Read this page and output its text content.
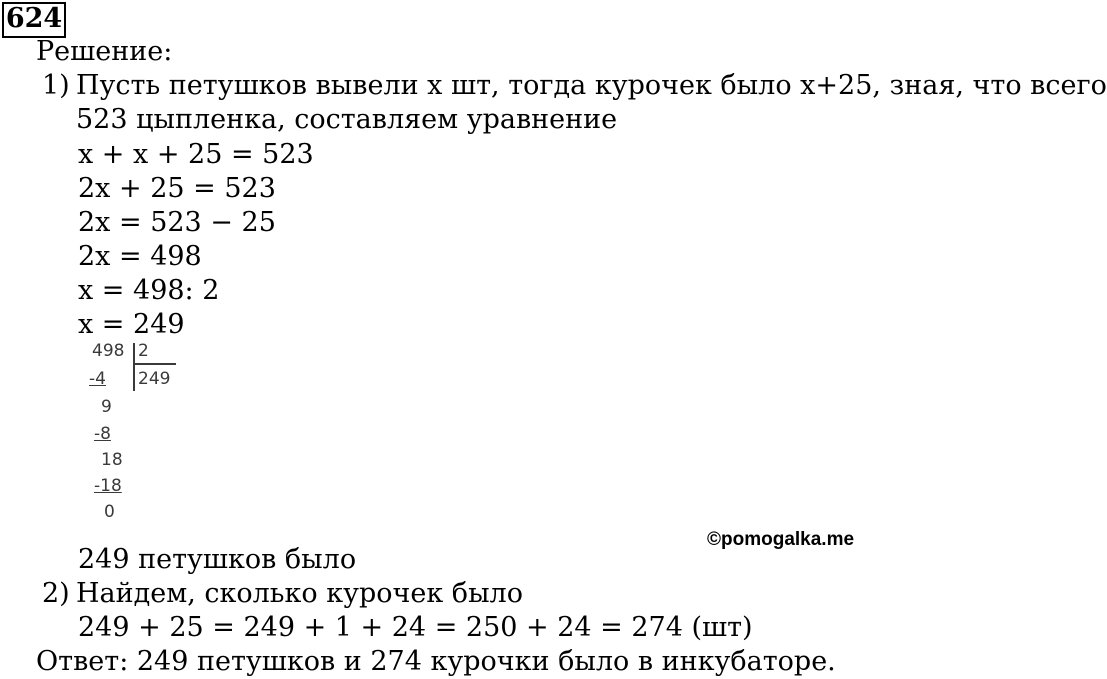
624
Решение:
1) Пусть петушков вывели x шт, тогда курочек было x+25, зная, что всего
523 цыпленка, составляем уравнение
x + x + 25 = 523
2x + 25 = 523
2x = 523 − 25
2x = 498
x = 498: 2
x = 249
498 2
249
-4
9
-8
18
-18
0
©pomogalka.me
249 петушков было
2) Найдем, сколько курочек было
249 + 25 = 249 + 1 + 24 = 250 + 24 = 274 (шт)
Ответ: 249 петушков и 274 курочки было в инкубаторе.
